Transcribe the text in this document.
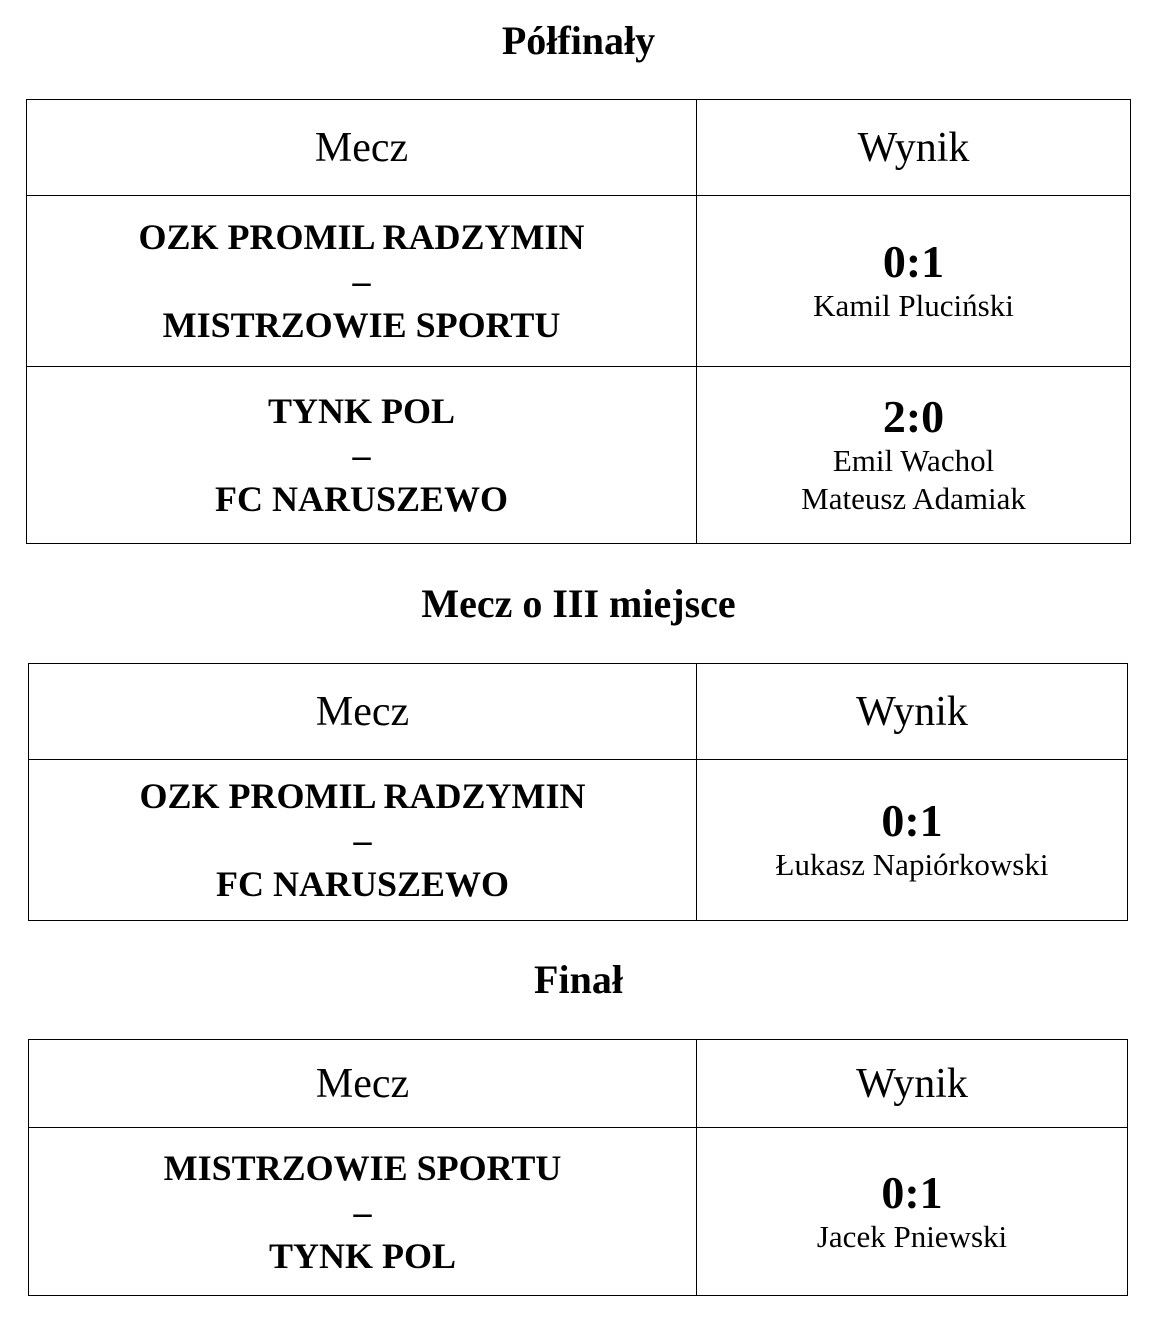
Półfinały
Mecz	Wynik

OZK PROMIL RADZYMIN
–
MISTRZOWIE SPORTU	0:1
Kamil Pluciński

TYNK POL
–
FC NARUSZEWO	2:0
Emil Wachol
Mateusz Adamiak
Mecz o III miejsce
Mecz	Wynik

OZK PROMIL RADZYMIN
–
FC NARUSZEWO	0:1
Łukasz Napiórkowski
Finał
Mecz	Wynik

MISTRZOWIE SPORTU
–
TYNK POL	0:1
Jacek Pniewski
